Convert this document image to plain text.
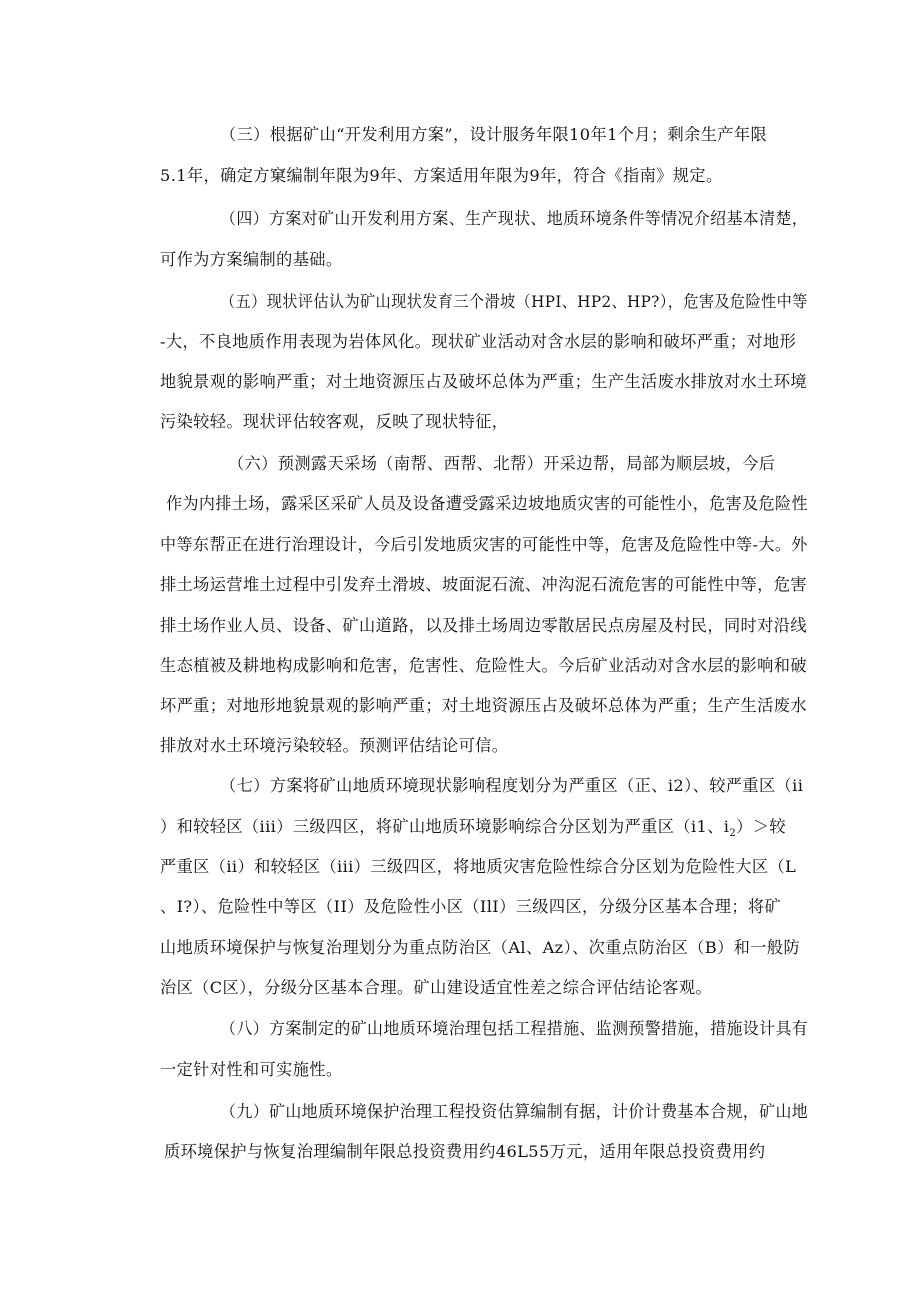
（三）根据矿山“开发利用方案”，设计服务年限10年1个月；剩余生产年限
5.1年，确定方窠编制年限为9年、方案适用年限为9年，符合《指南》规定。
（四）方案对矿山开发利用方案、生产现状、地质环境条件等情况介绍基本清楚，
可作为方案编制的基础。
（五）现状评估认为矿山现状发育三个滑坡（HPI、HP2、HP?），危害及危险性中等
-大，不良地质作用表现为岩体风化。现状矿业活动对含水层的影响和破坏严重；对地形
地貌景观的影响严重；对土地资源压占及破坏总体为严重；生产生活废水排放对水土环境
污染较轻。现状评估较客观，反映了现状特征，
（六）预测露天采场（南帮、西帮、北帮）开采边帮，局部为顺层坡，今后
作为内排土场，露采区采矿人员及设备遭受露采边坡地质灾害的可能性小，危害及危险性
中等东帮正在进行治理设计，今后引发地质灾害的可能性中等，危害及危险性中等-大。外
排土场运营堆土过程中引发弃土滑坡、坡面泥石流、冲沟泥石流危害的可能性中等，危害
排土场作业人员、设备、矿山道路，以及排土场周边零散居民点房屋及村民，同时对沿线
生态植被及耕地构成影响和危害，危害性、危险性大。今后矿业活动对含水层的影响和破
坏严重；对地形地貌景观的影响严重；对土地资源压占及破坏总体为严重；生产生活废水
排放对水土环境污染较轻。预测评估结论可信。
（七）方案将矿山地质环境现状影响程度划分为严重区（正、i2）、较严重区（ii
）和较轻区（iii）三级四区，将矿山地质环境影响综合分区划为严重区（i1、$i_2)>$较
严重区（ii）和较轻区（iii）三级四区，将地质灾害危险性综合分区划为危险性大区（L
、I?）、危险性中等区（II）及危险性小区（IlI）三级四区，分级分区基本合理；将矿
山地质环境保护与恢复治理划分为重点防治区（Al、Az）、次重点防治区（B）和一般防
治区（C区），分级分区基本合理。矿山建设适宜性差之综合评估结论客观。
（八）方案制定的矿山地质环境治理包括工程措施、监测预警措施，措施设计具有
一定针对性和可实施性。
（九）矿山地质环境保护治理工程投资估算编制有据，计价计费基本合规，矿山地
质环境保护与恢复治理编制年限总投资费用约46L55万元，适用年限总投资费用约
